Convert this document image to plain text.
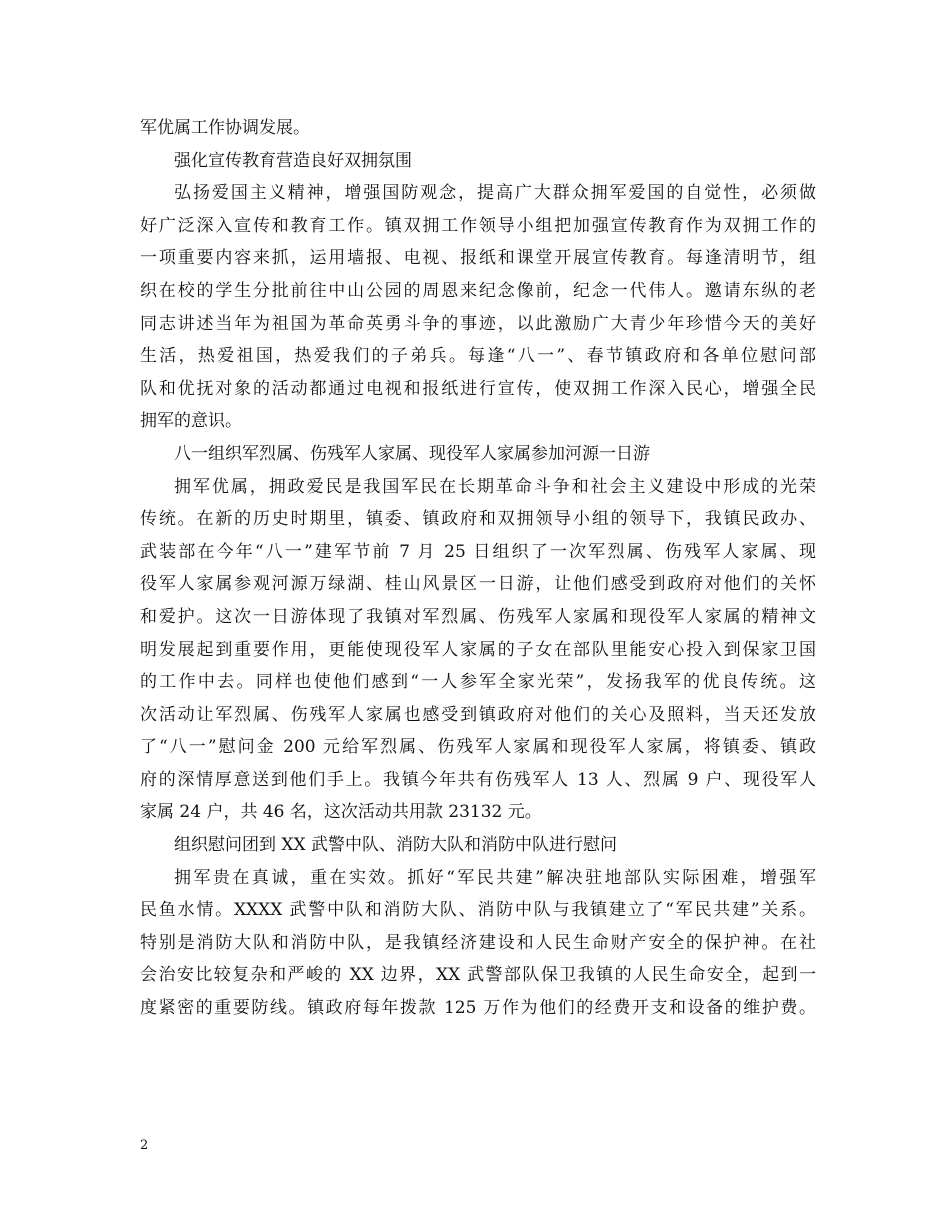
军优属工作协调发展。
强化宣传教育营造良好双拥氛围
弘扬爱国主义精神，增强国防观念，提高广大群众拥军爱国的自觉性，必须做
好广泛深入宣传和教育工作。镇双拥工作领导小组把加强宣传教育作为双拥工作的
一项重要内容来抓，运用墙报、电视、报纸和课堂开展宣传教育。每逢清明节，组
织在校的学生分批前往中山公园的周恩来纪念像前，纪念一代伟人。邀请东纵的老
同志讲述当年为祖国为革命英勇斗争的事迹，以此激励广大青少年珍惜今天的美好
生活，热爱祖国，热爱我们的子弟兵。每逢“八一”、春节镇政府和各单位慰问部
队和优抚对象的活动都通过电视和报纸进行宣传，使双拥工作深入民心，增强全民
拥军的意识。
八一组织军烈属、伤残军人家属、现役军人家属参加河源一日游
拥军优属，拥政爱民是我国军民在长期革命斗争和社会主义建设中形成的光荣
传统。在新的历史时期里，镇委、镇政府和双拥领导小组的领导下，我镇民政办、
武装部在今年“八一”建军节前 7 月 25 日组织了一次军烈属、伤残军人家属、现
役军人家属参观河源万绿湖、桂山风景区一日游，让他们感受到政府对他们的关怀
和爱护。这次一日游体现了我镇对军烈属、伤残军人家属和现役军人家属的精神文
明发展起到重要作用，更能使现役军人家属的子女在部队里能安心投入到保家卫国
的工作中去。同样也使他们感到“一人参军全家光荣”，发扬我军的优良传统。这
次活动让军烈属、伤残军人家属也感受到镇政府对他们的关心及照料，当天还发放
了“八一”慰问金 200 元给军烈属、伤残军人家属和现役军人家属，将镇委、镇政
府的深情厚意送到他们手上。我镇今年共有伤残军人 13 人、烈属 9 户、现役军人
家属 24 户，共 46 名，这次活动共用款 23132 元。
组织慰问团到 XX 武警中队、消防大队和消防中队进行慰问
拥军贵在真诚，重在实效。抓好“军民共建”解决驻地部队实际困难，增强军
民鱼水情。XXXX 武警中队和消防大队、消防中队与我镇建立了“军民共建”关系。
特别是消防大队和消防中队，是我镇经济建设和人民生命财产安全的保护神。在社
会治安比较复杂和严峻的 XX 边界，XX 武警部队保卫我镇的人民生命安全，起到一
度紧密的重要防线。镇政府每年拨款 125 万作为他们的经费开支和设备的维护费。
2
